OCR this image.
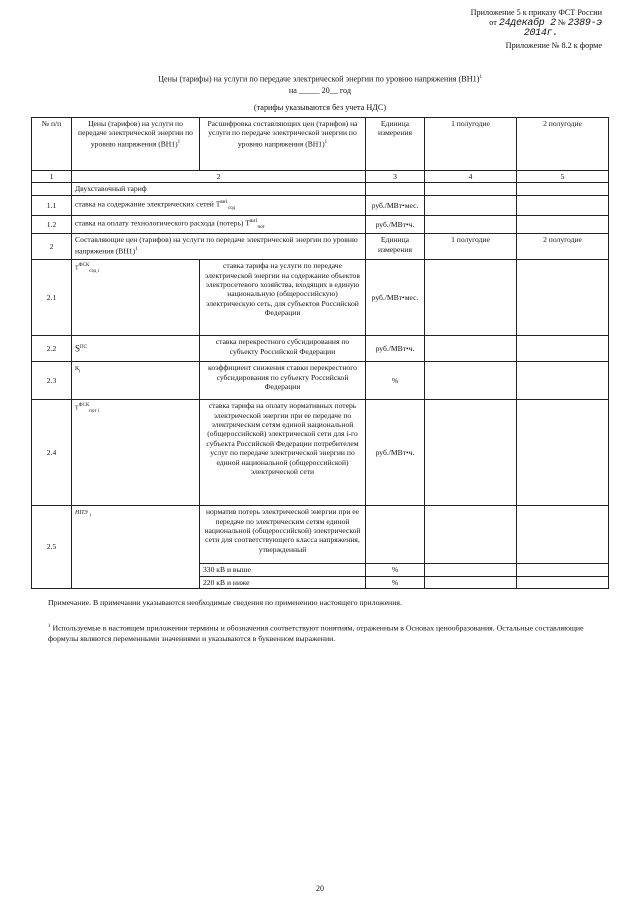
Приложение 5 к приказу ФСТ России
от 24декабр 2 № 2389-э
2014г.
Приложение № 8.2 к форме
Цены (тарифы) на услуги по передаче электрической энергии по уровню напряжения $(ВН1)^1$
на _____ 20__ год
(тарифы указываются без учета НДС)
№ п/п	Цены (тарифов) на услуги по передаче электрической энергии по уровню напряжения $(ВН1)^1$	Расшифровка составляющих цен (тарифов) на услуги по передаче электрической энергии по уровню напряжения $(ВН1)^1$	Единица измерения	1 полугодие	2 полугодие
1	2		3	4	5
	Двухставочный тариф				
1.1	ставка на содержание электрических сетей $Т^{вн1}_{сод}$		руб./МВт•мес.		
1.2	ставка на оплату технологического расхода (потерь) $Т^{вн1}_{пот}$		руб./МВт•ч.		
2	Составляющие цен (тарифов) на услуги по передаче электрической энергии по уровню напряжения $(ВН1)^1$		Единица измерения	1 полугодие	2 полугодие
2.1	$Т^{ФСК}_{сод i}$	ставка тарифа на услуги по передаче электрической энергии на содержание объектов электросетевого хозяйства, входящих в единую национальную (общероссийскую) электрическую сеть, для субъектов Российской Федерации	руб./МВт•мес.		
2.2	$S^{ПС}$	ставка перекрестного субсидирования по субъекту Российской Федерации	руб./МВт•ч.		
2.3	$К_i$	коэффициент снижения ставки перекрестного субсидирования по субъекту Российской Федерации	%		
2.4	$Т^{ФСК}_{пот i}$	ставка тарифа на оплату нормативных потерь электрической энергии при ее передаче по электрическим сетям единой национальной (общероссийской) электрической сети для i-го субъекта Российской Федерации потребителем услуг по передаче электрической энергии по единой национальной (общероссийской) электрической сети	руб./МВт•ч.		
2.5	НПЭ $_i$	норматив потерь электрической энергии при ее передаче по электрическим сетям единой национальной (общероссийской) электрической сети для соответствующего класса напряжения, утвержденный			
		330 кВ и выше	%		
		220 кВ и ниже	%		
Примечание. В примечании указываются необходимые сведения по применению настоящего приложения.
$^1$ Используемые в настоящем приложении термины и обозначения соответствуют понятиям, отраженным в Основах ценообразования. Остальные составляющие формулы являются переменными значениями и указываются в буквенном выражении.
20
